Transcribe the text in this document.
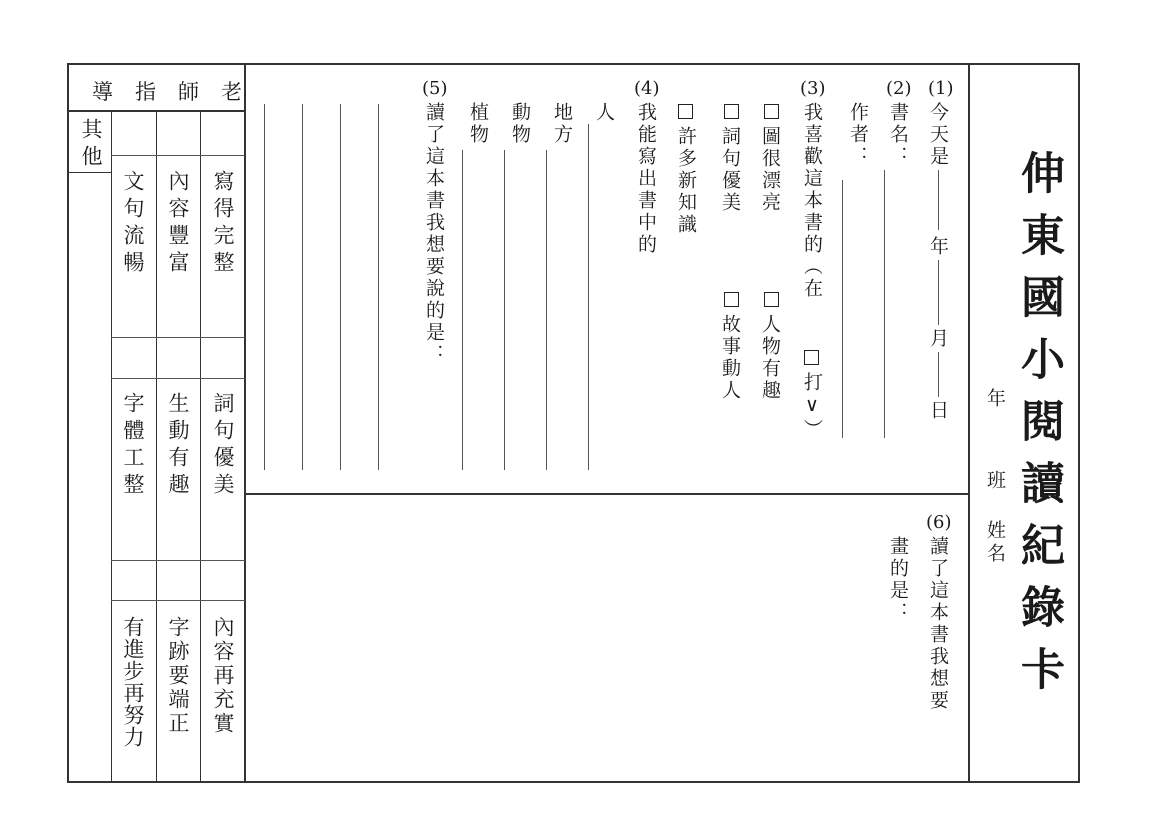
伸東國小閱讀紀錄卡
年
班
姓名
(1)
今天是
年
月
日
(2)
書名：
作者：
(3)
我喜歡這本書的（在
打∨）
圖很漂亮
詞句優美
人物有趣
故事動人
(4)
我能寫出書中的 許多新知識
人
地方
動物
植物
(5)
讀了這本書我想要說的是：
(6)
讀了這本書我想要
畫的是：
導指師老
其他
寫得完整
內容豐富
文句流暢
詞句優美
生動有趣
字體工整
內容再充實
字跡要端正
有進步再努力
